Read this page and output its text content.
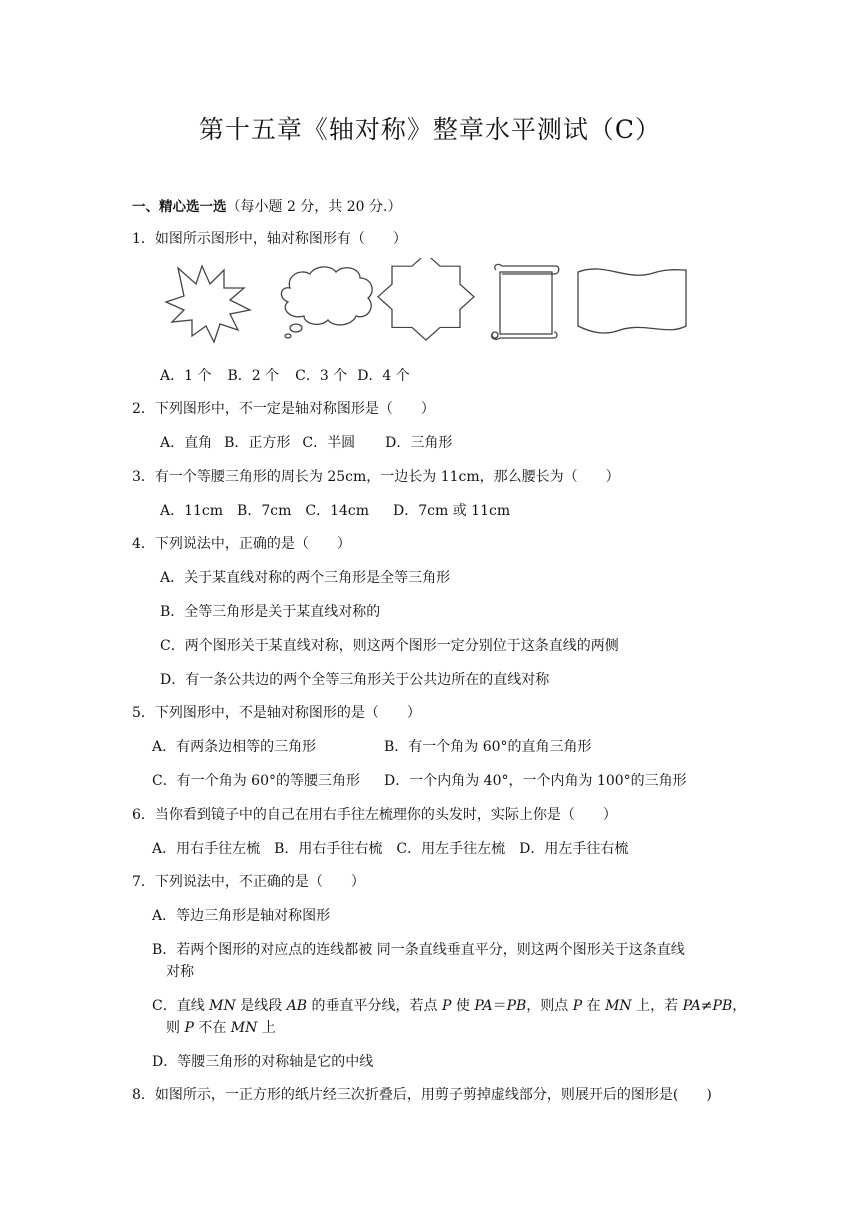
第十五章《轴对称》整章水平测试（C）
一、精心选一选（每小题 2 分，共 20 分.）
1．如图所示图形中，轴对称图形有（　　）
A．1 个 B．2 个 C．3 个 D．4 个
2．下列图形中，不一定是轴对称图形是（　　）
A．直角 B．正方形 C．半圆 D．三角形
3．有一个等腰三角形的周长为 25cm，一边长为 11cm，那么腰长为（　　）
A．11cm B．7cm C．14cm D．7cm 或 11cm
4．下列说法中，正确的是（　　）
A．关于某直线对称的两个三角形是全等三角形
B．全等三角形是关于某直线对称的
C．两个图形关于某直线对称，则这两个图形一定分别位于这条直线的两侧
D．有一条公共边的两个全等三角形关于公共边所在的直线对称
5．下列图形中，不是轴对称图形的是（　　）
A．有两条边相等的三角形	B．有一个角为 60°的直角三角形
C．有一个角为 60°的等腰三角形 D．一个内角为 40°，一个内角为 100°的三角形
6．当你看到镜子中的自己在用右手往左梳理你的头发时，实际上你是（　　）
A．用右手往左梳 B．用右手往右梳 C．用左手往左梳 D．用左手往右梳
7．下列说法中，不正确的是（　　）
A．等边三角形是轴对称图形
B．若两个图形的对应点的连线都被 同一条直线垂直平分，则这两个图形关于这条直线
对称
C．直线 MN 是线段 AB 的垂直平分线，若点 P 使 PA＝PB，则点 P 在 MN 上，若 PA≠PB，
则 P 不在 MN 上
D．等腰三角形的对称轴是它的中线
8．如图所示，一正方形的纸片经三次折叠后，用剪子剪掉虚线部分，则展开后的图形是(　　)
